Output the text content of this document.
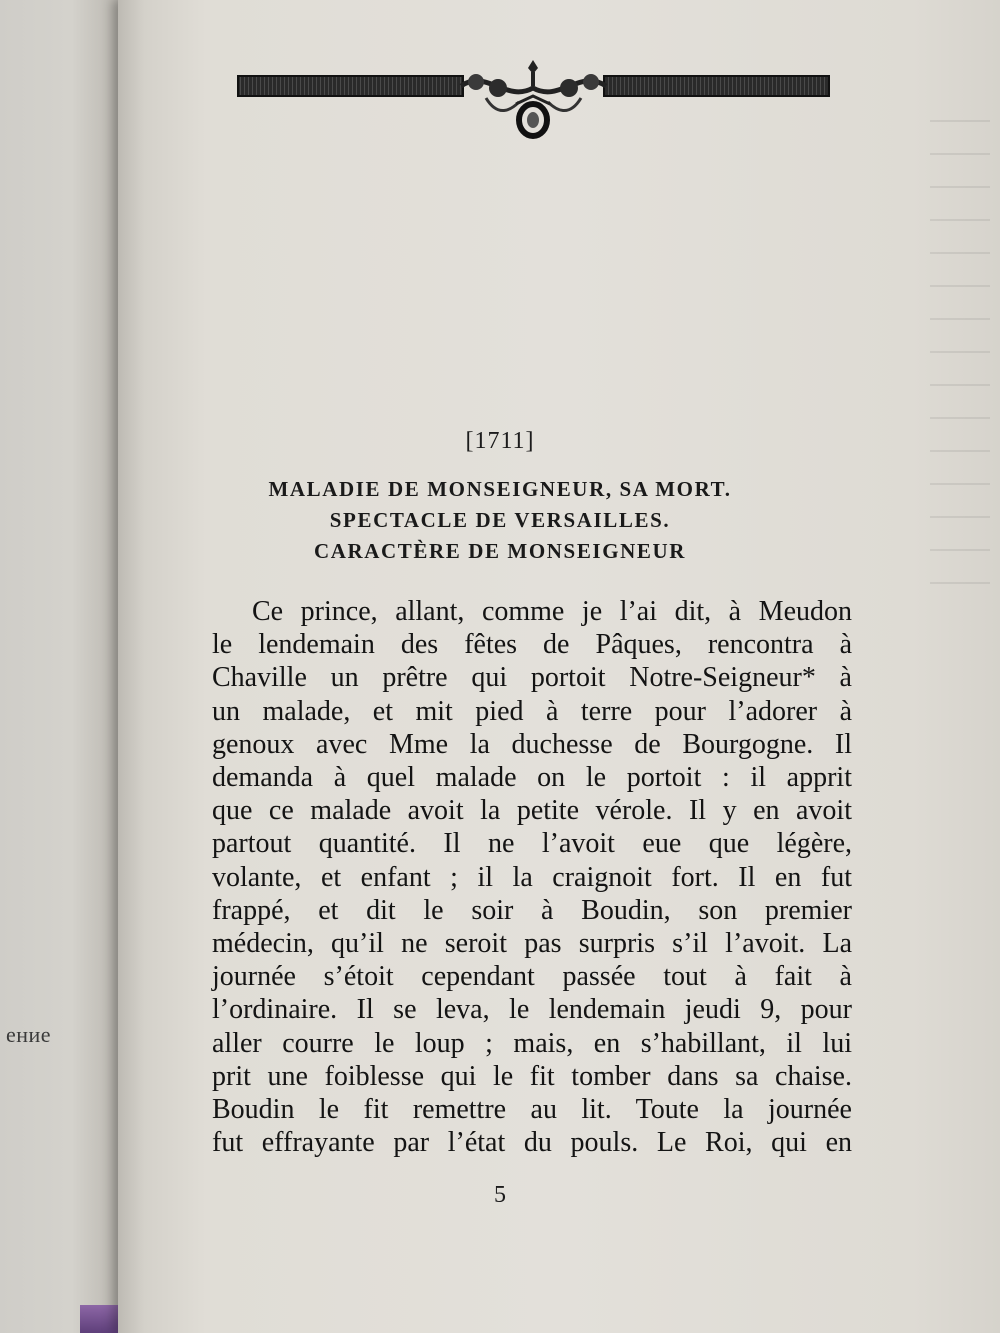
ение
[1711]
MALADIE DE MONSEIGNEUR, SA MORT.
SPECTACLE DE VERSAILLES.
CARACTÈRE DE MONSEIGNEUR
Ce prince, allant, comme je l’ai dit, à Meudon
le lendemain des fêtes de Pâques, rencontra à
Chaville un prêtre qui portoit Notre-Seigneur* à
un malade, et mit pied à terre pour l’adorer à
genoux avec Mme la duchesse de Bourgogne. Il
demanda à quel malade on le portoit : il apprit
que ce malade avoit la petite vérole. Il y en avoit
partout quantité. Il ne l’avoit eue que légère,
volante, et enfant ; il la craignoit fort. Il en fut
frappé, et dit le soir à Boudin, son premier
médecin, qu’il ne seroit pas surpris s’il l’avoit. La
journée s’étoit cependant passée tout à fait à
l’ordinaire. Il se leva, le lendemain jeudi 9, pour
aller courre le loup ; mais, en s’habillant, il lui
prit une foiblesse qui le fit tomber dans sa chaise.
Boudin le fit remettre au lit. Toute la journée
fut effrayante par l’état du pouls. Le Roi, qui en
5
